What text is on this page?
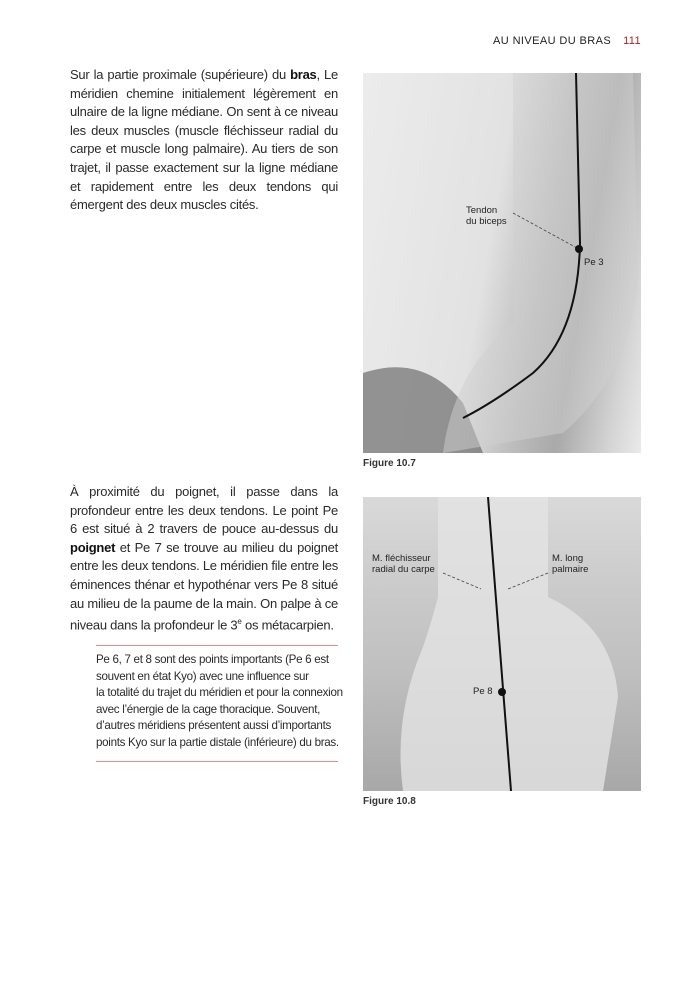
AU NIVEAU DU BRAS 111
Sur la partie proximale (supérieure) du bras, Le méridien chemine initialement légèrement en ulnaire de la ligne médiane. On sent à ce niveau les deux muscles (muscle fléchisseur radial du carpe et muscle long palmaire). Au tiers de son trajet, il passe exactement sur la ligne médiane et rapidement entre les deux tendons qui émergent des deux muscles cités.	Tendon
du biceps
Pe 3
Figure 10.7
À proximité du poignet, il passe dans la profondeur entre les deux tendons. Le point Pe 6 est situé à 2 travers de pouce au-dessus du poignet et Pe 7 se trouve au milieu du poignet entre les deux tendons. Le méridien file entre les éminences thénar et hypothénar vers Pe 8 situé au milieu de la paume de la main. On palpe à ce niveau dans la profondeur le 3e os métacarpien.
Pe 6, 7 et 8 sont des points importants (Pe 6 est
souvent en état Kyo) avec une influence sur
la totalité du trajet du méridien et pour la connexion
avec l’énergie de la cage thoracique. Souvent,
d’autres méridiens présentent aussi d’importants
points Kyo sur la partie distale (inférieure) du bras.
M. fléchisseur
radial du carpe
M. long
palmaire
Pe 8
Figure 10.8
